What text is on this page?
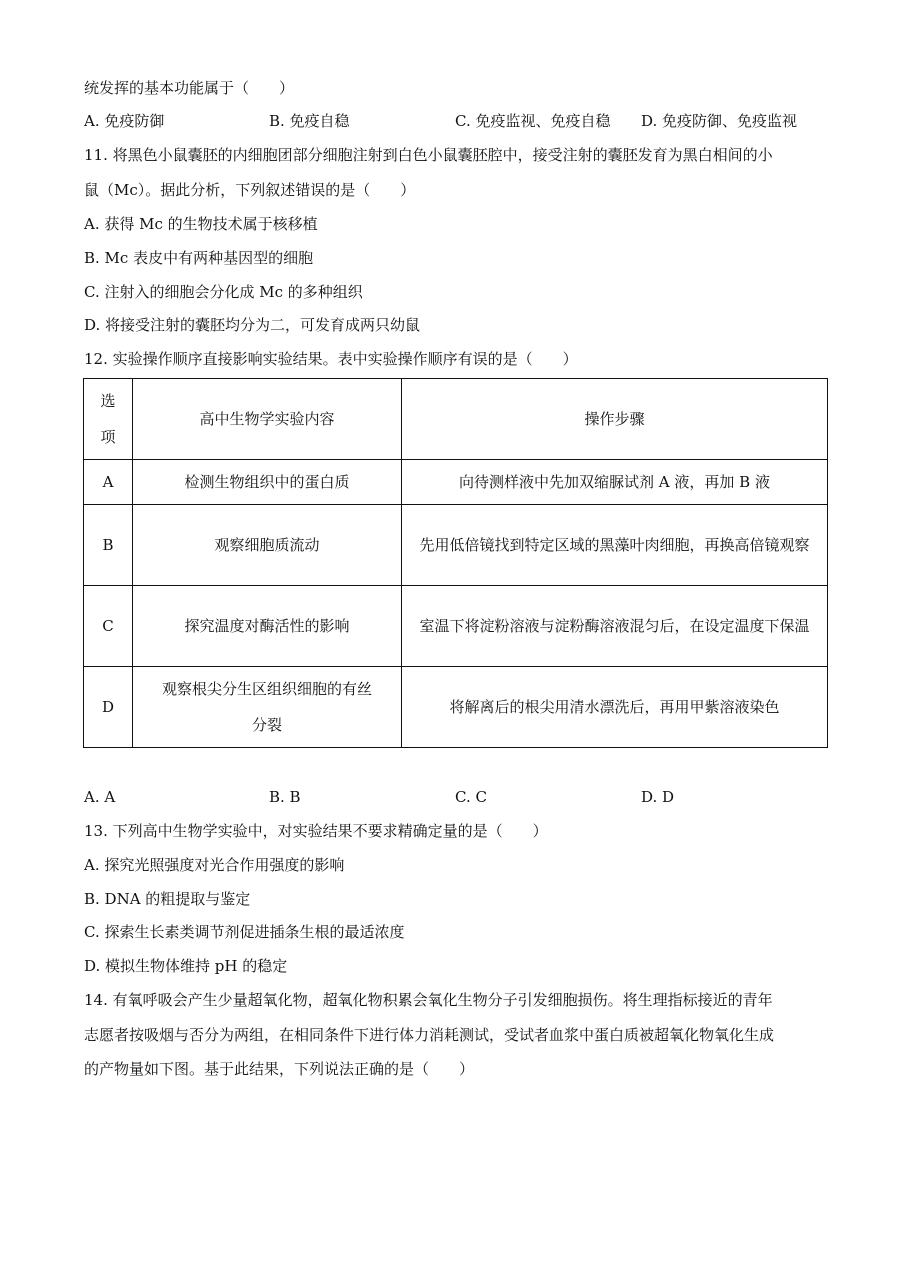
统发挥的基本功能属于（　　）
A. 免疫防御	B. 免疫自稳	C. 免疫监视、免疫自稳 D. 免疫防御、免疫监视
11. 将黑色小鼠囊胚的内细胞团部分细胞注射到白色小鼠囊胚腔中，接受注射的囊胚发育为黑白相间的小
鼠（Mc）。据此分析，下列叙述错误的是（　　）
A. 获得 Mc 的生物技术属于核移植
B. Mc 表皮中有两种基因型的细胞
C. 注射入的细胞会分化成 Mc 的多种组织
D. 将接受注射的囊胚均分为二，可发育成两只幼鼠
12. 实验操作顺序直接影响实验结果。表中实验操作顺序有误的是（　　）
选项	高中生物学实验内容	操作步骤
A	检测生物组织中的蛋白质	向待测样液中先加双缩脲试剂 A 液，再加 B 液
B	观察细胞质流动	先用低倍镜找到特定区域的黑藻叶肉细胞，再换高倍镜观察
C	探究温度对酶活性的影响	室温下将淀粉溶液与淀粉酶溶液混匀后，在设定温度下保温
D	观察根尖分生区组织细胞的有丝分裂	将解离后的根尖用清水漂洗后，再用甲紫溶液染色
A. A	B. B	C. C	D. D
13. 下列高中生物学实验中，对实验结果不要求精确定量的是（　　）
A. 探究光照强度对光合作用强度的影响
B. DNA 的粗提取与鉴定
C. 探索生长素类调节剂促进插条生根的最适浓度
D. 模拟生物体维持 pH 的稳定
14. 有氧呼吸会产生少量超氧化物，超氧化物积累会氧化生物分子引发细胞损伤。将生理指标接近的青年
志愿者按吸烟与否分为两组，在相同条件下进行体力消耗测试，受试者血浆中蛋白质被超氧化物氧化生成
的产物量如下图。基于此结果，下列说法正确的是（　　）
